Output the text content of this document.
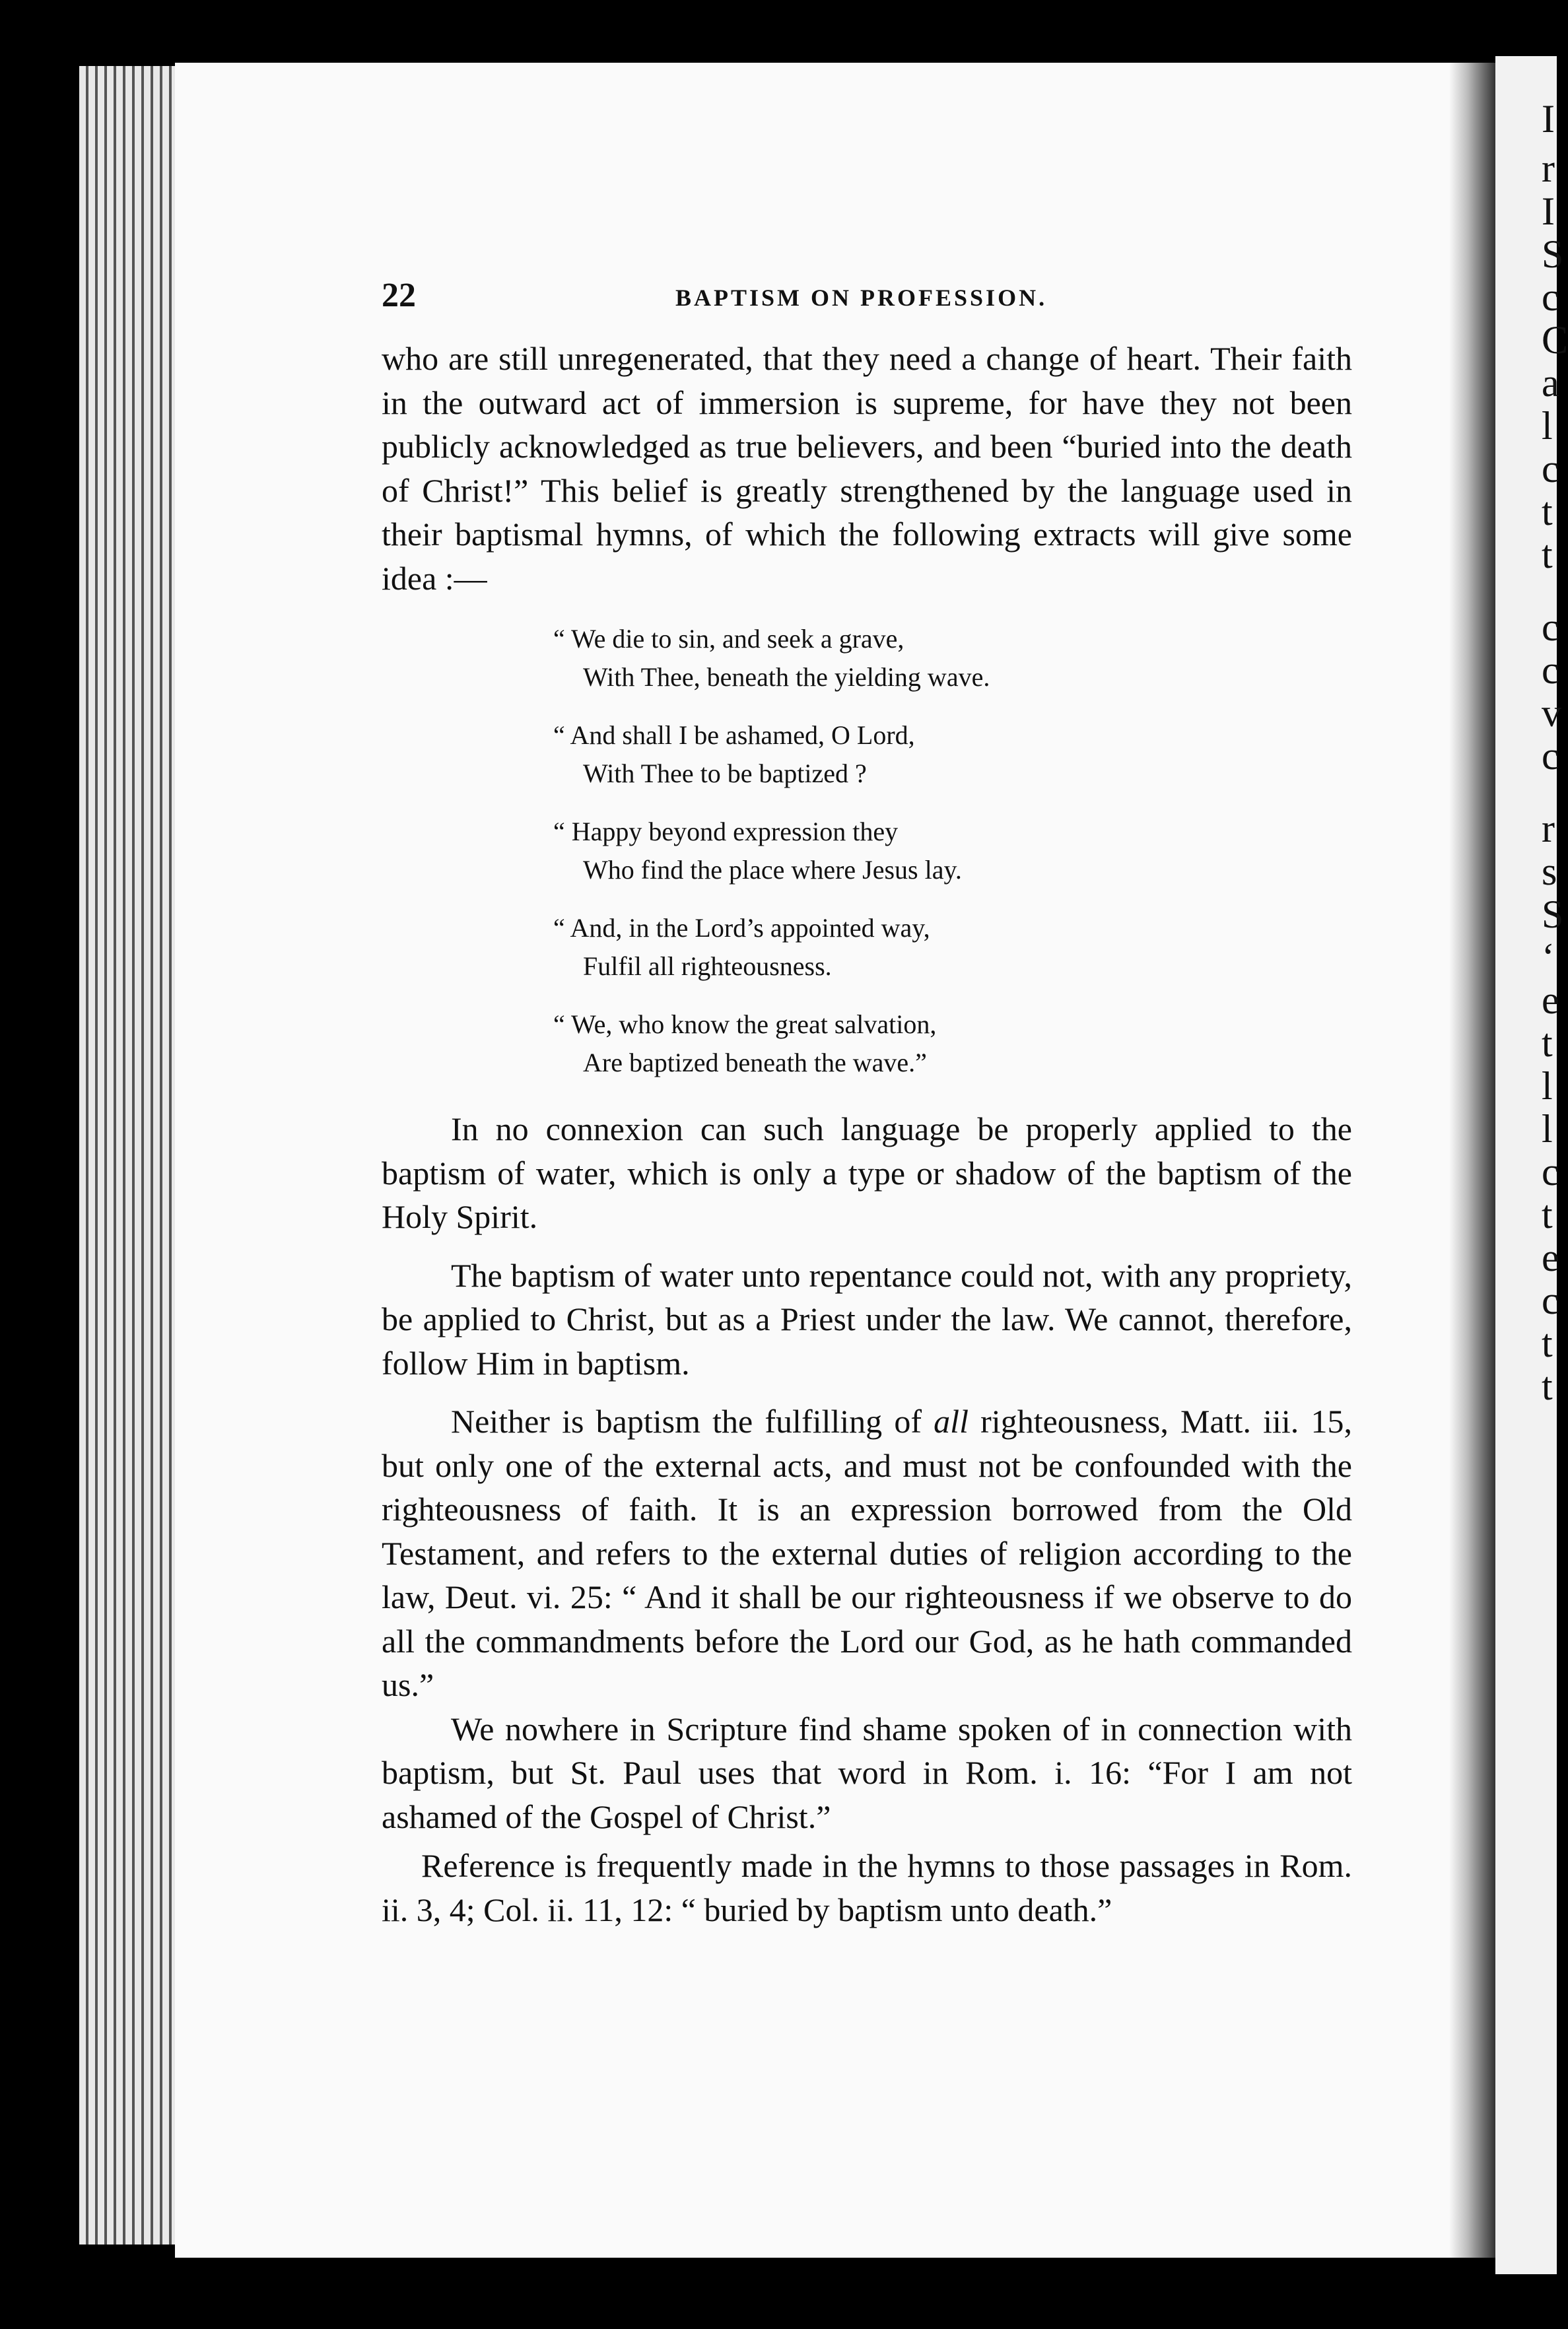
I
r
I
S
c
C
a
l
c
t
t
c
c
v
c
r
s
S
‘
e
t
l
l
c
t
e
c
t
t
22	BAPTISM ON PROFESSION.

who are still unregenerated, that they need a change of heart. Their faith in the outward act of immersion is supreme, for have they not been publicly acknowledged as true believers, and been “buried into the death of Christ!” This belief is greatly strengthened by the language used in their baptismal hymns, of which the following extracts will give some idea :—

“ We die to sin, and seek a grave,
With Thee, beneath the yielding wave.
“ And shall I be ashamed, O Lord,
With Thee to be baptized ?
“ Happy beyond expression they
Who find the place where Jesus lay.
“ And, in the Lord’s appointed way,
Fulfil all righteousness.
“ We, who know the great salvation,
Are baptized beneath the wave.”

In no connexion can such language be properly applied to the baptism of water, which is only a type or shadow of the baptism of the Holy Spirit.

The baptism of water unto repentance could not, with any propriety, be applied to Christ, but as a Priest under the law. We cannot, therefore, follow Him in baptism.

Neither is baptism the fulfilling of all righteousness, Matt. iii. 15, but only one of the external acts, and must not be confounded with the righteousness of faith. It is an expression borrowed from the Old Testament, and refers to the external duties of religion according to the law, Deut. vi. 25: “ And it shall be our righteousness if we observe to do all the commandments before the Lord our God, as he hath commanded us.”

We nowhere in Scripture find shame spoken of in connection with baptism, but St. Paul uses that word in Rom. i. 16: “For I am not ashamed of the Gospel of Christ.”

Reference is frequently made in the hymns to those passages in Rom. ii. 3, 4; Col. ii. 11, 12: “ buried by baptism unto death.”
